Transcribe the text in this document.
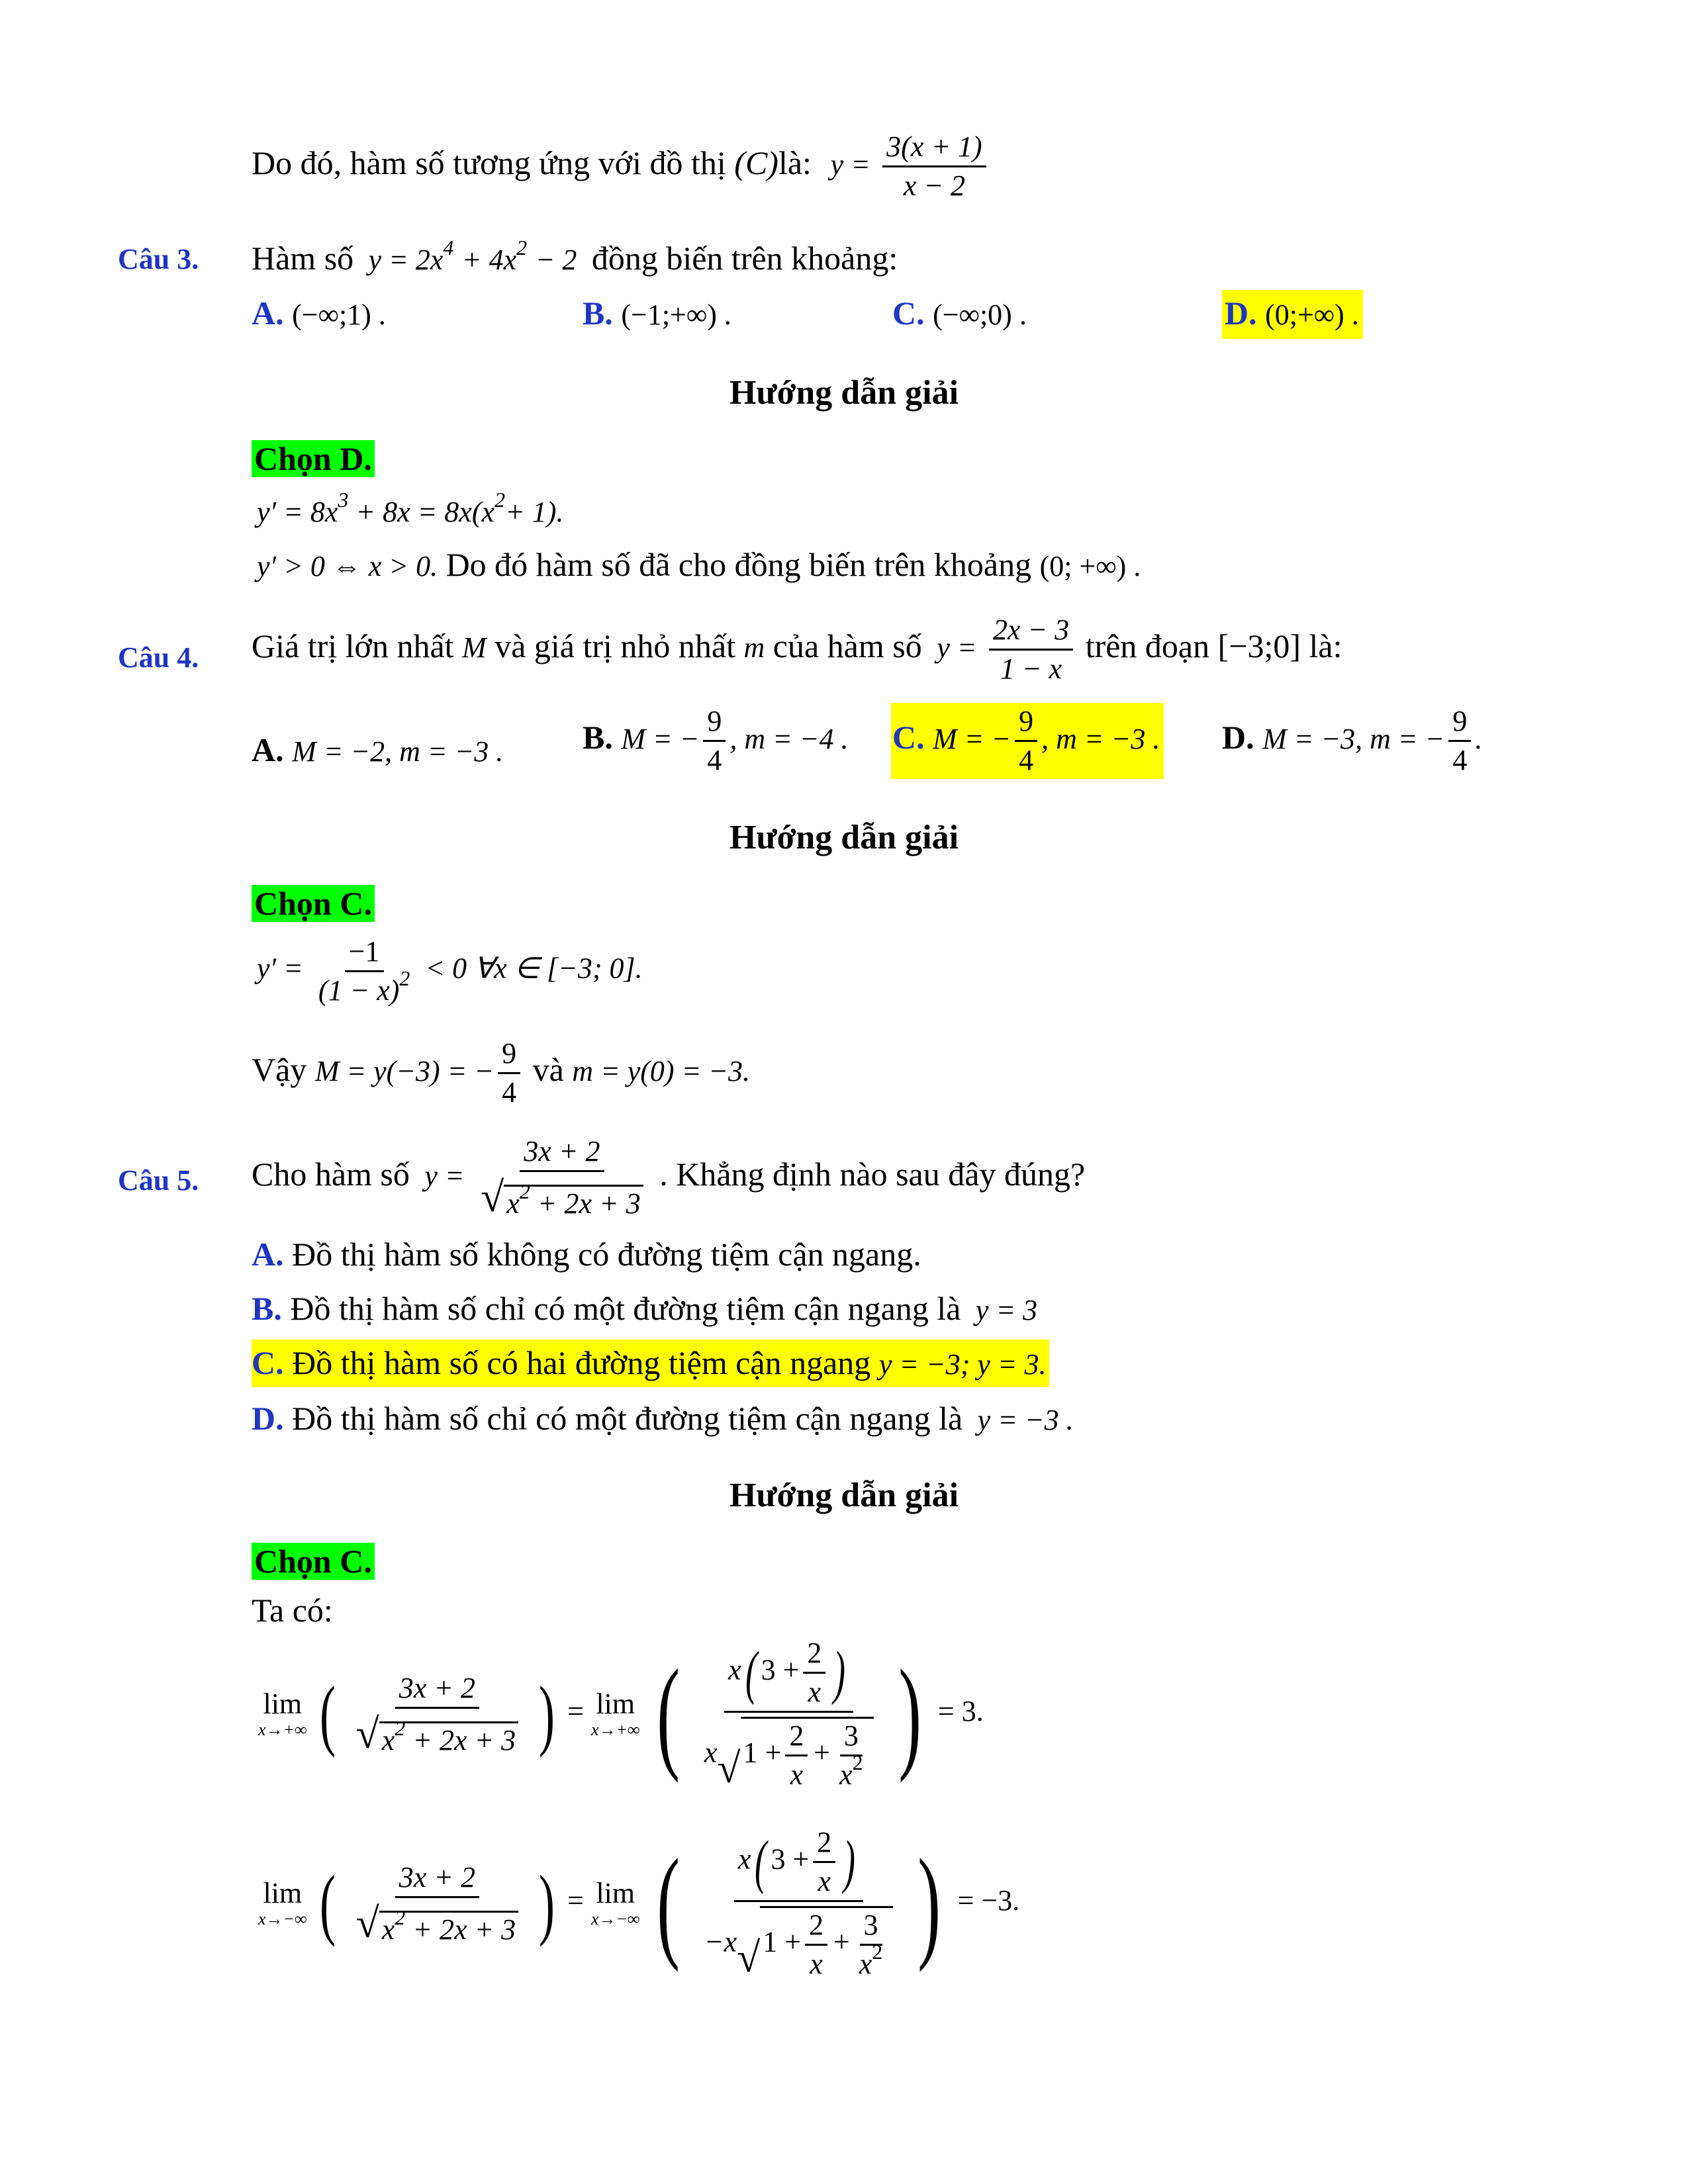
Do đó, hàm số tương ứng với đồ thị (C)là: $y = \frac{3(x + 1)}{x - 2}$
Câu 3. Hàm số $y = 2x^4 + 4x^2 - 2$ đồng biến trên khoảng:
A. (−∞;1) .	B. (−1;+∞) .	C. (−∞;0) .	D. (0;+∞) .
Hướng dẫn giải
Chọn D.
$y' = 8x^3 + 8x = 8x(x^2+ 1)$.
y′ > 0 ⇔ x > 0. Do đó hàm số đã cho đồng biến trên khoảng (0; +∞) .
Câu 4. Giá trị lớn nhất M và giá trị nhỏ nhất m của hàm số $y = \frac{2x - 3}{1 - x}$ trên đoạn [−3;0] là:
A. M = −2, m = −3 . B. M = − $\frac{9}{4}$ , m = −4 . C. M = − $\frac{9}{4}$ , m = −3 . D. M = −3, m = − $\frac{9}{4}$ .
Hướng dẫn giải
Chọn C.
$y' = \frac{-1}{(1 - x)^2} < 0$ ∀x ∈ [−3; 0].
Vậy M = y(−3) = − $\frac{9}{4}$ và m = y(0) = −3.
Câu 5. Cho hàm số $y = \frac{3x + 2}{√x^2 + 2x + 3}$ . Khẳng định nào sau đây đúng?
A. Đồ thị hàm số không có đường tiệm cận ngang.
B. Đồ thị hàm số chỉ có một đường tiệm cận ngang là y = 3
C. Đồ thị hàm số có hai đường tiệm cận ngang y = −3; y = 3.
D. Đồ thị hàm số chỉ có một đường tiệm cận ngang là y = −3 .
Hướng dẫn giải
Chọn C.
Ta có:
lim
x→+∞ ( $\frac{3x + 2}{√x^2 + 2x + 3}$ ) = lim
x→+∞ ( $\frac{x( 3 + \frac{2}{x} )}{x√1 + \frac{2}{x} + \frac{3}{x^2}}$ ) = 3.
lim
x→−∞ ( $\frac{3x + 2}{√x^2 + 2x + 3}$ ) = lim
x→−∞ ( $\frac{x( 3 + \frac{2}{x} )}{-x√1 + \frac{2}{x} + \frac{3}{x^2}}$ ) = −3.
